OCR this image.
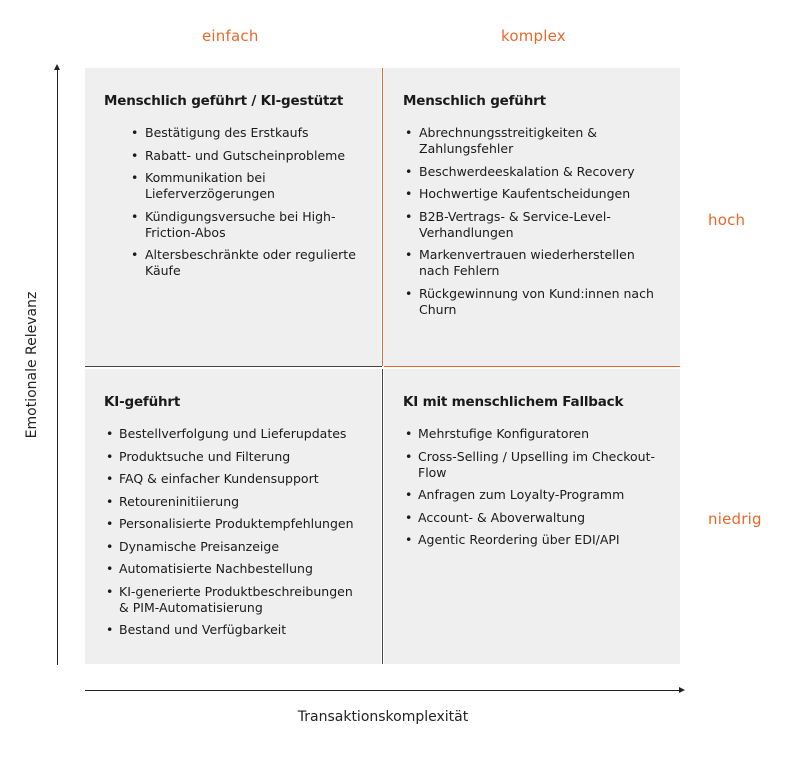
einfach	komplex
hoch
niedrig
Emotionale Relevanz
Transaktionskomplexität
Menschlich geführt / KI-gestützt
• Bestätigung des Erstkaufs
• Rabatt- und Gutscheinprobleme
• Kommunikation bei Lieferverzögerungen
• Kündigungsversuche bei High-Friction-Abos
• Altersbeschränkte oder regulierte Käufe
Menschlich geführt
• Abrechnungsstreitigkeiten & Zahlungsfehler
• Beschwerdeeskalation & Recovery
• Hochwertige Kaufentscheidungen
• B2B-Vertrags- & Service-Level-Verhandlungen
• Markenvertrauen wiederherstellen nach Fehlern
• Rückgewinnung von Kund:innen nach Churn
KI-geführt
• Bestellverfolgung und Lieferupdates
• Produktsuche und Filterung
• FAQ & einfacher Kundensupport
• Retoureninitiierung
• Personalisierte Produktempfehlungen
• Dynamische Preisanzeige
• Automatisierte Nachbestellung
• KI-generierte Produktbeschreibungen & PIM-Automatisierung
• Bestand und Verfügbarkeit
KI mit menschlichem Fallback
• Mehrstufige Konfiguratoren
• Cross-Selling / Upselling im Checkout-Flow
• Anfragen zum Loyalty-Programm
• Account- & Aboverwaltung
• Agentic Reordering über EDI/API
